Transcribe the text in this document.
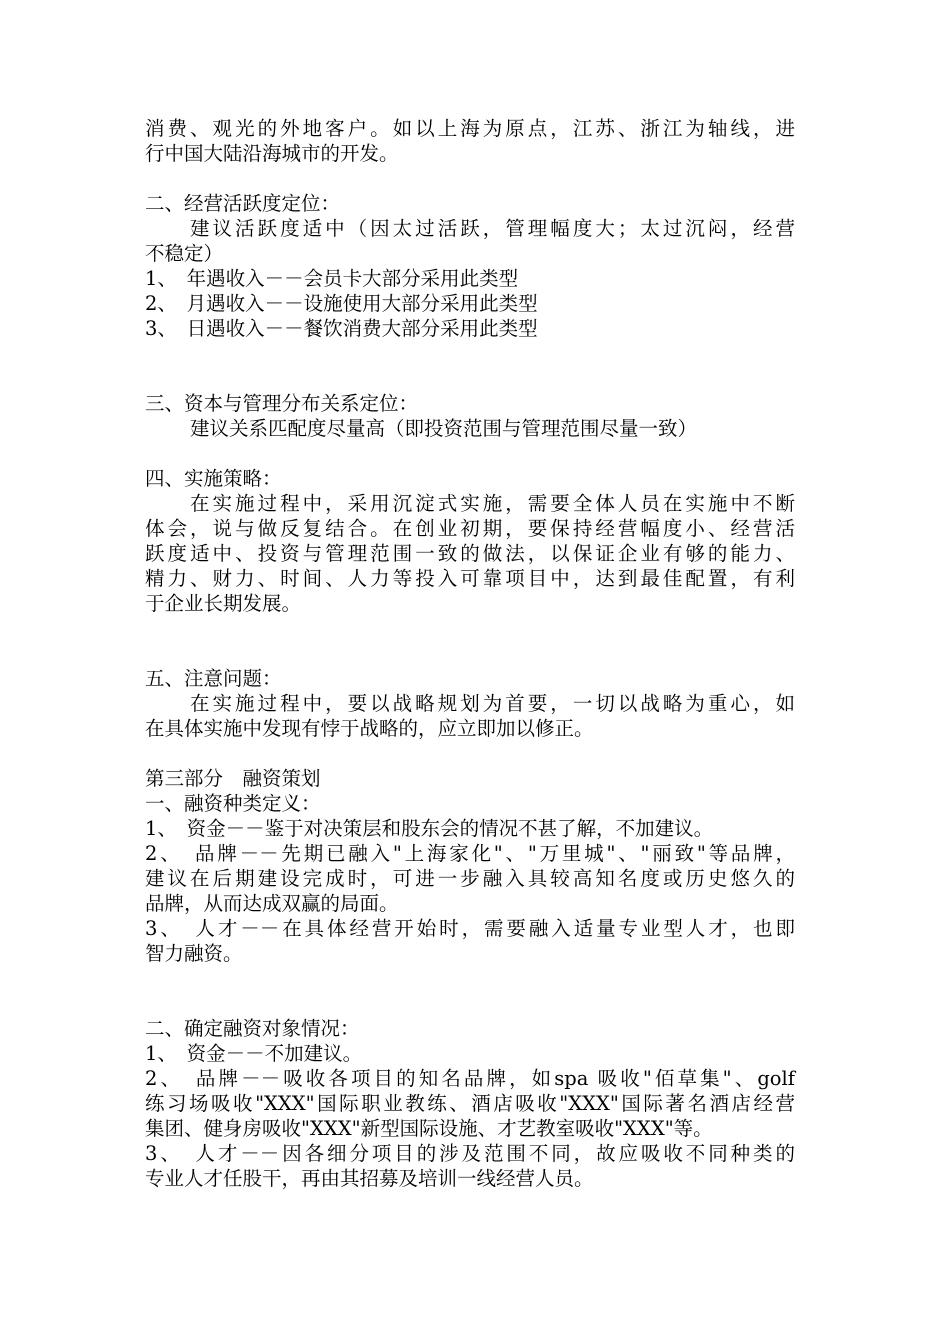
消费、观光的外地客户。如以上海为原点，江苏、浙江为轴线，进
行中国大陆沿海城市的开发。
二、经营活跃度定位：
建议活跃度适中（因太过活跃，管理幅度大；太过沉闷，经营
不稳定）
1、　年遇收入－－会员卡大部分采用此类型
2、　月遇收入－－设施使用大部分采用此类型
3、　日遇收入－－餐饮消费大部分采用此类型
三、资本与管理分布关系定位：
建议关系匹配度尽量高（即投资范围与管理范围尽量一致）
四、实施策略：
在实施过程中，采用沉淀式实施，需要全体人员在实施中不断
体会，说与做反复结合。在创业初期，要保持经营幅度小、经营活
跃度适中、投资与管理范围一致的做法，以保证企业有够的能力、
精力、财力、时间、人力等投入可靠项目中，达到最佳配置，有利
于企业长期发展。
五、注意问题：
在实施过程中，要以战略规划为首要，一切以战略为重心，如
在具体实施中发现有悖于战略的，应立即加以修正。
第三部分　融资策划
一、融资种类定义：
1、　资金－－鉴于对决策层和股东会的情况不甚了解，不加建议。
2、　品牌－－先期已融入"上海家化"、"万里城"、"丽致"等品牌，
建议在后期建设完成时，可进一步融入具较高知名度或历史悠久的
品牌，从而达成双赢的局面。
3、　人才－－在具体经营开始时，需要融入适量专业型人才，也即
智力融资。
二、确定融资对象情况：
1、　资金－－不加建议。
2、　品牌－－吸收各项目的知名品牌，如spa 吸收"佰草集"、golf
练习场吸收"XXX"国际职业教练、酒店吸收"XXX"国际著名酒店经营
集团、健身房吸收"XXX"新型国际设施、才艺教室吸收"XXX"等。
3、　人才－－因各细分项目的涉及范围不同，故应吸收不同种类的
专业人才任股干，再由其招募及培训一线经营人员。
